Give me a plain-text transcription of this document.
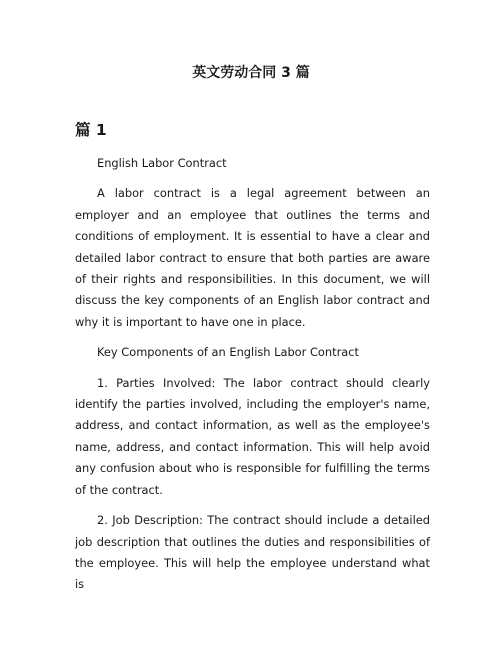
英文劳动合同 3 篇
篇 1

English Labor Contract

A labor contract is a legal agreement between an employer and an employee that outlines the terms and conditions of employment. It is essential to have a clear and detailed labor contract to ensure that both parties are aware of their rights and responsibilities. In this document, we will discuss the key components of an English labor contract and why it is important to have one in place.

Key Components of an English Labor Contract

1. Parties Involved: The labor contract should clearly identify the parties involved, including the employer's name, address, and contact information, as well as the employee's name, address, and contact information. This will help avoid any confusion about who is responsible for fulfilling the terms of the contract.

2. Job Description: The contract should include a detailed job description that outlines the duties and responsibilities of the employee. This will help the employee understand what is
